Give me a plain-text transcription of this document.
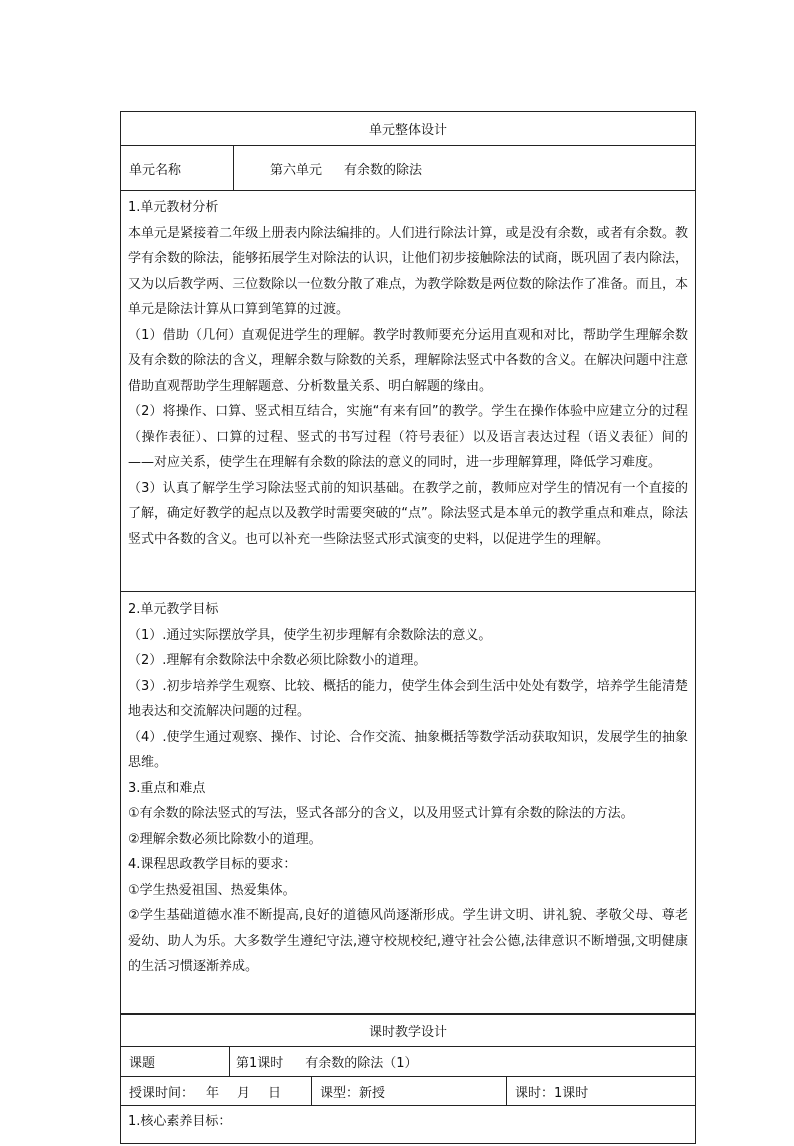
单元整体设计
单元名称	第六单元 有余数的除法

1.单元教材分析

本单元是紧接着二年级上册表内除法编排的。人们进行除法计算，或是没有余数，或者有余数。教学有余数的除法，能够拓展学生对除法的认识，让他们初步接触除法的试商，既巩固了表内除法，又为以后教学两、三位数除以一位数分散了难点，为教学除数是两位数的除法作了准备。而且，本单元是除法计算从口算到笔算的过渡。

（1）借助（几何）直观促进学生的理解。教学时教师要充分运用直观和对比，帮助学生理解余数及有余数的除法的含义，理解余数与除数的关系，理解除法竖式中各数的含义。在解决问题中注意借助直观帮助学生理解题意、分析数量关系、明白解题的缘由。

（2）将操作、口算、竖式相互结合，实施“有来有回”的教学。学生在操作体验中应建立分的过程（操作表征）、口算的过程、竖式的书写过程（符号表征）以及语言表达过程（语义表征）间的——对应关系，使学生在理解有余数的除法的意义的同时，进一步理解算理，降低学习难度。

（3）认真了解学生学习除法竖式前的知识基础。在教学之前，教师应对学生的情况有一个直接的了解，确定好教学的起点以及教学时需要突破的“点”。除法竖式是本单元的教学重点和难点，除法竖式中各数的含义。也可以补充一些除法竖式形式演变的史料，以促进学生的理解。

2.单元教学目标

（1）.通过实际摆放学具，使学生初步理解有余数除法的意义。

（2）.理解有余数除法中余数必须比除数小的道理。

（3）.初步培养学生观察、比较、概括的能力，使学生体会到生活中处处有数学，培养学生能清楚地表达和交流解决问题的过程。

（4）.使学生通过观察、操作、讨论、合作交流、抽象概括等数学活动获取知识，发展学生的抽象思维。

3.重点和难点

①有余数的除法竖式的写法，竖式各部分的含义，以及用竖式计算有余数的除法的方法。

②理解余数必须比除数小的道理。

4.课程思政教学目标的要求：

①学生热爱祖国、热爱集体。

②学生基础道德水准不断提高,良好的道德风尚逐渐形成。学生讲文明、讲礼貌、孝敬父母、尊老爱幼、助人为乐。大多数学生遵纪守法,遵守校规校纪,遵守社会公德,法律意识不断增强,文明健康的生活习惯逐渐养成。

课时教学设计
课题	第1课时 有余数的除法（1）
授课时间： 年 月 日	课型：新授	课时：1课时

1.核心素养目标：
